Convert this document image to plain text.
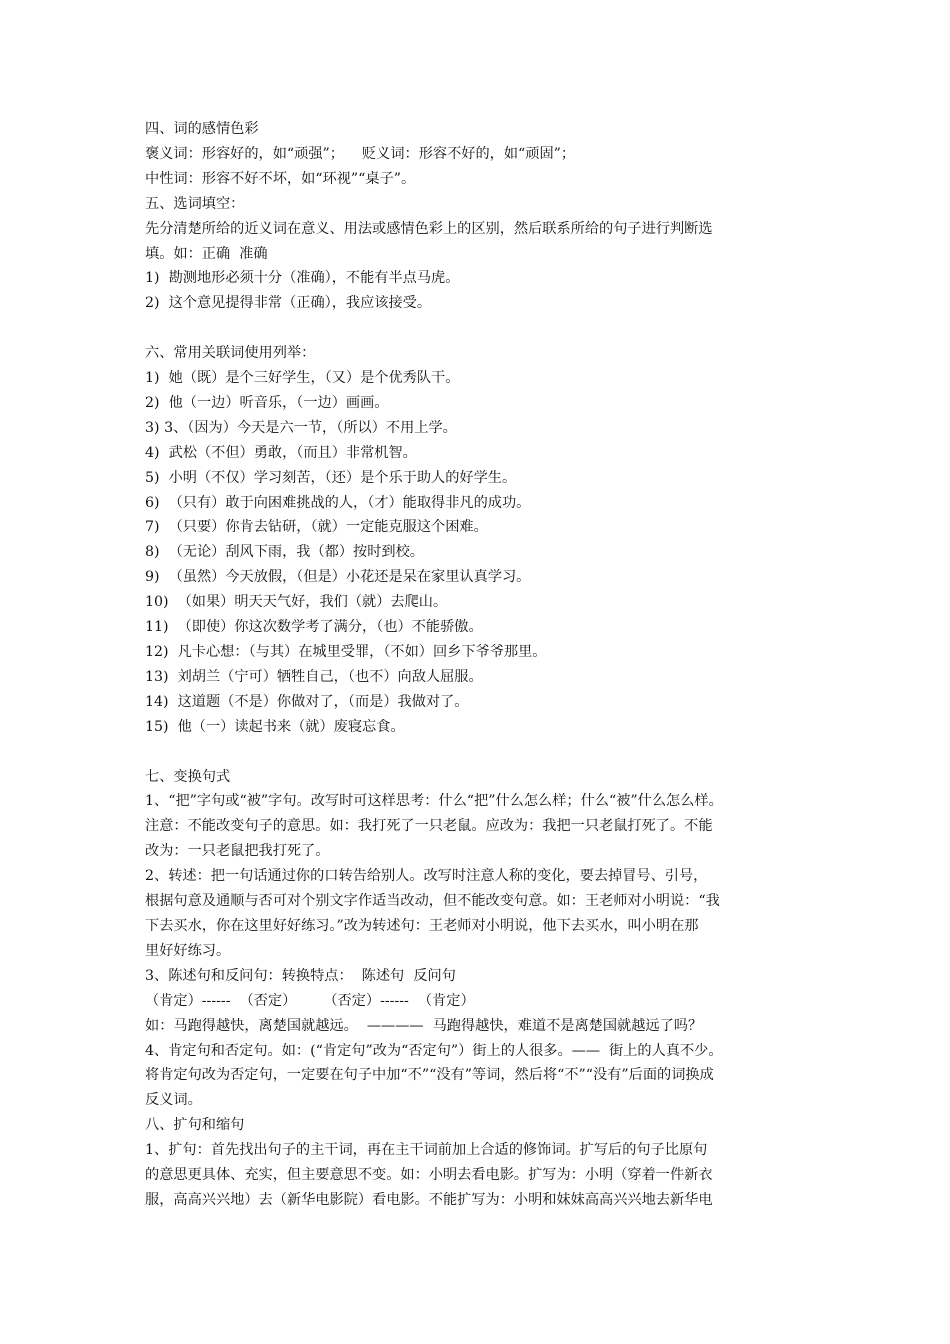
四、词的感情色彩
褒义词：形容好的，如“顽强”；    贬义词：形容不好的，如“顽固”；
中性词：形容不好不坏，如“环视”“桌子”。
五、选词填空：
先分清楚所给的近义词在意义、用法或感情色彩上的区别，然后联系所给的句子进行判断选
填。如：正确  准确
1)  勘测地形必须十分（准确），不能有半点马虎。
2)  这个意见提得非常（正确），我应该接受。
六、常用关联词使用列举：
1)  她（既）是个三好学生，（又）是个优秀队干。
2)  他（一边）听音乐，（一边）画画。
3) 3、（因为）今天是六一节，（所以）不用上学。
4)  武松（不但）勇敢，（而且）非常机智。
5)  小明（不仅）学习刻苦，（还）是个乐于助人的好学生。
6)  （只有）敢于向困难挑战的人，（才）能取得非凡的成功。
7)  （只要）你肯去钻研，（就）一定能克服这个困难。
8)  （无论）刮风下雨，我（都）按时到校。
9)  （虽然）今天放假，（但是）小花还是呆在家里认真学习。
10)  （如果）明天天气好，我们（就）去爬山。
11)  （即使）你这次数学考了满分，（也）不能骄傲。
12)  凡卡心想：（与其）在城里受罪，（不如）回乡下爷爷那里。
13)  刘胡兰（宁可）牺牲自己，（也不）向敌人屈服。
14)  这道题（不是）你做对了，（而是）我做对了。
15)  他（一）读起书来（就）废寝忘食。
七、变换句式
1、“把”字句或“被”字句。改写时可这样思考：什么“把”什么怎么样；什么“被”什么怎么样。
注意：不能改变句子的意思。如：我打死了一只老鼠。应改为：我把一只老鼠打死了。不能
改为：一只老鼠把我打死了。
2、转述：把一句话通过你的口转告给别人。改写时注意人称的变化，要去掉冒号、引号，
根据句意及通顺与否可对个别文字作适当改动，但不能改变句意。如：王老师对小明说：“我
下去买水，你在这里好好练习。”改为转述句：王老师对小明说，他下去买水，叫小明在那
里好好练习。
3、陈述句和反问句：转换特点：  陈述句  反问句
（肯定）------  （否定）      （否定）------  （肯定）
如：马跑得越快，离楚国就越远。  ————  马跑得越快，难道不是离楚国就越远了吗？
4、肯定句和否定句。如：(“肯定句”改为“否定句”）街上的人很多。——  街上的人真不少。
将肯定句改为否定句，一定要在句子中加“不”“没有”等词，然后将“不”“没有”后面的词换成
反义词。
八、扩句和缩句
1、扩句：首先找出句子的主干词，再在主干词前加上合适的修饰词。扩写后的句子比原句
的意思更具体、充实，但主要意思不变。如：小明去看电影。扩写为：小明（穿着一件新衣
服，高高兴兴地）去（新华电影院）看电影。不能扩写为：小明和妹妹高高兴兴地去新华电
